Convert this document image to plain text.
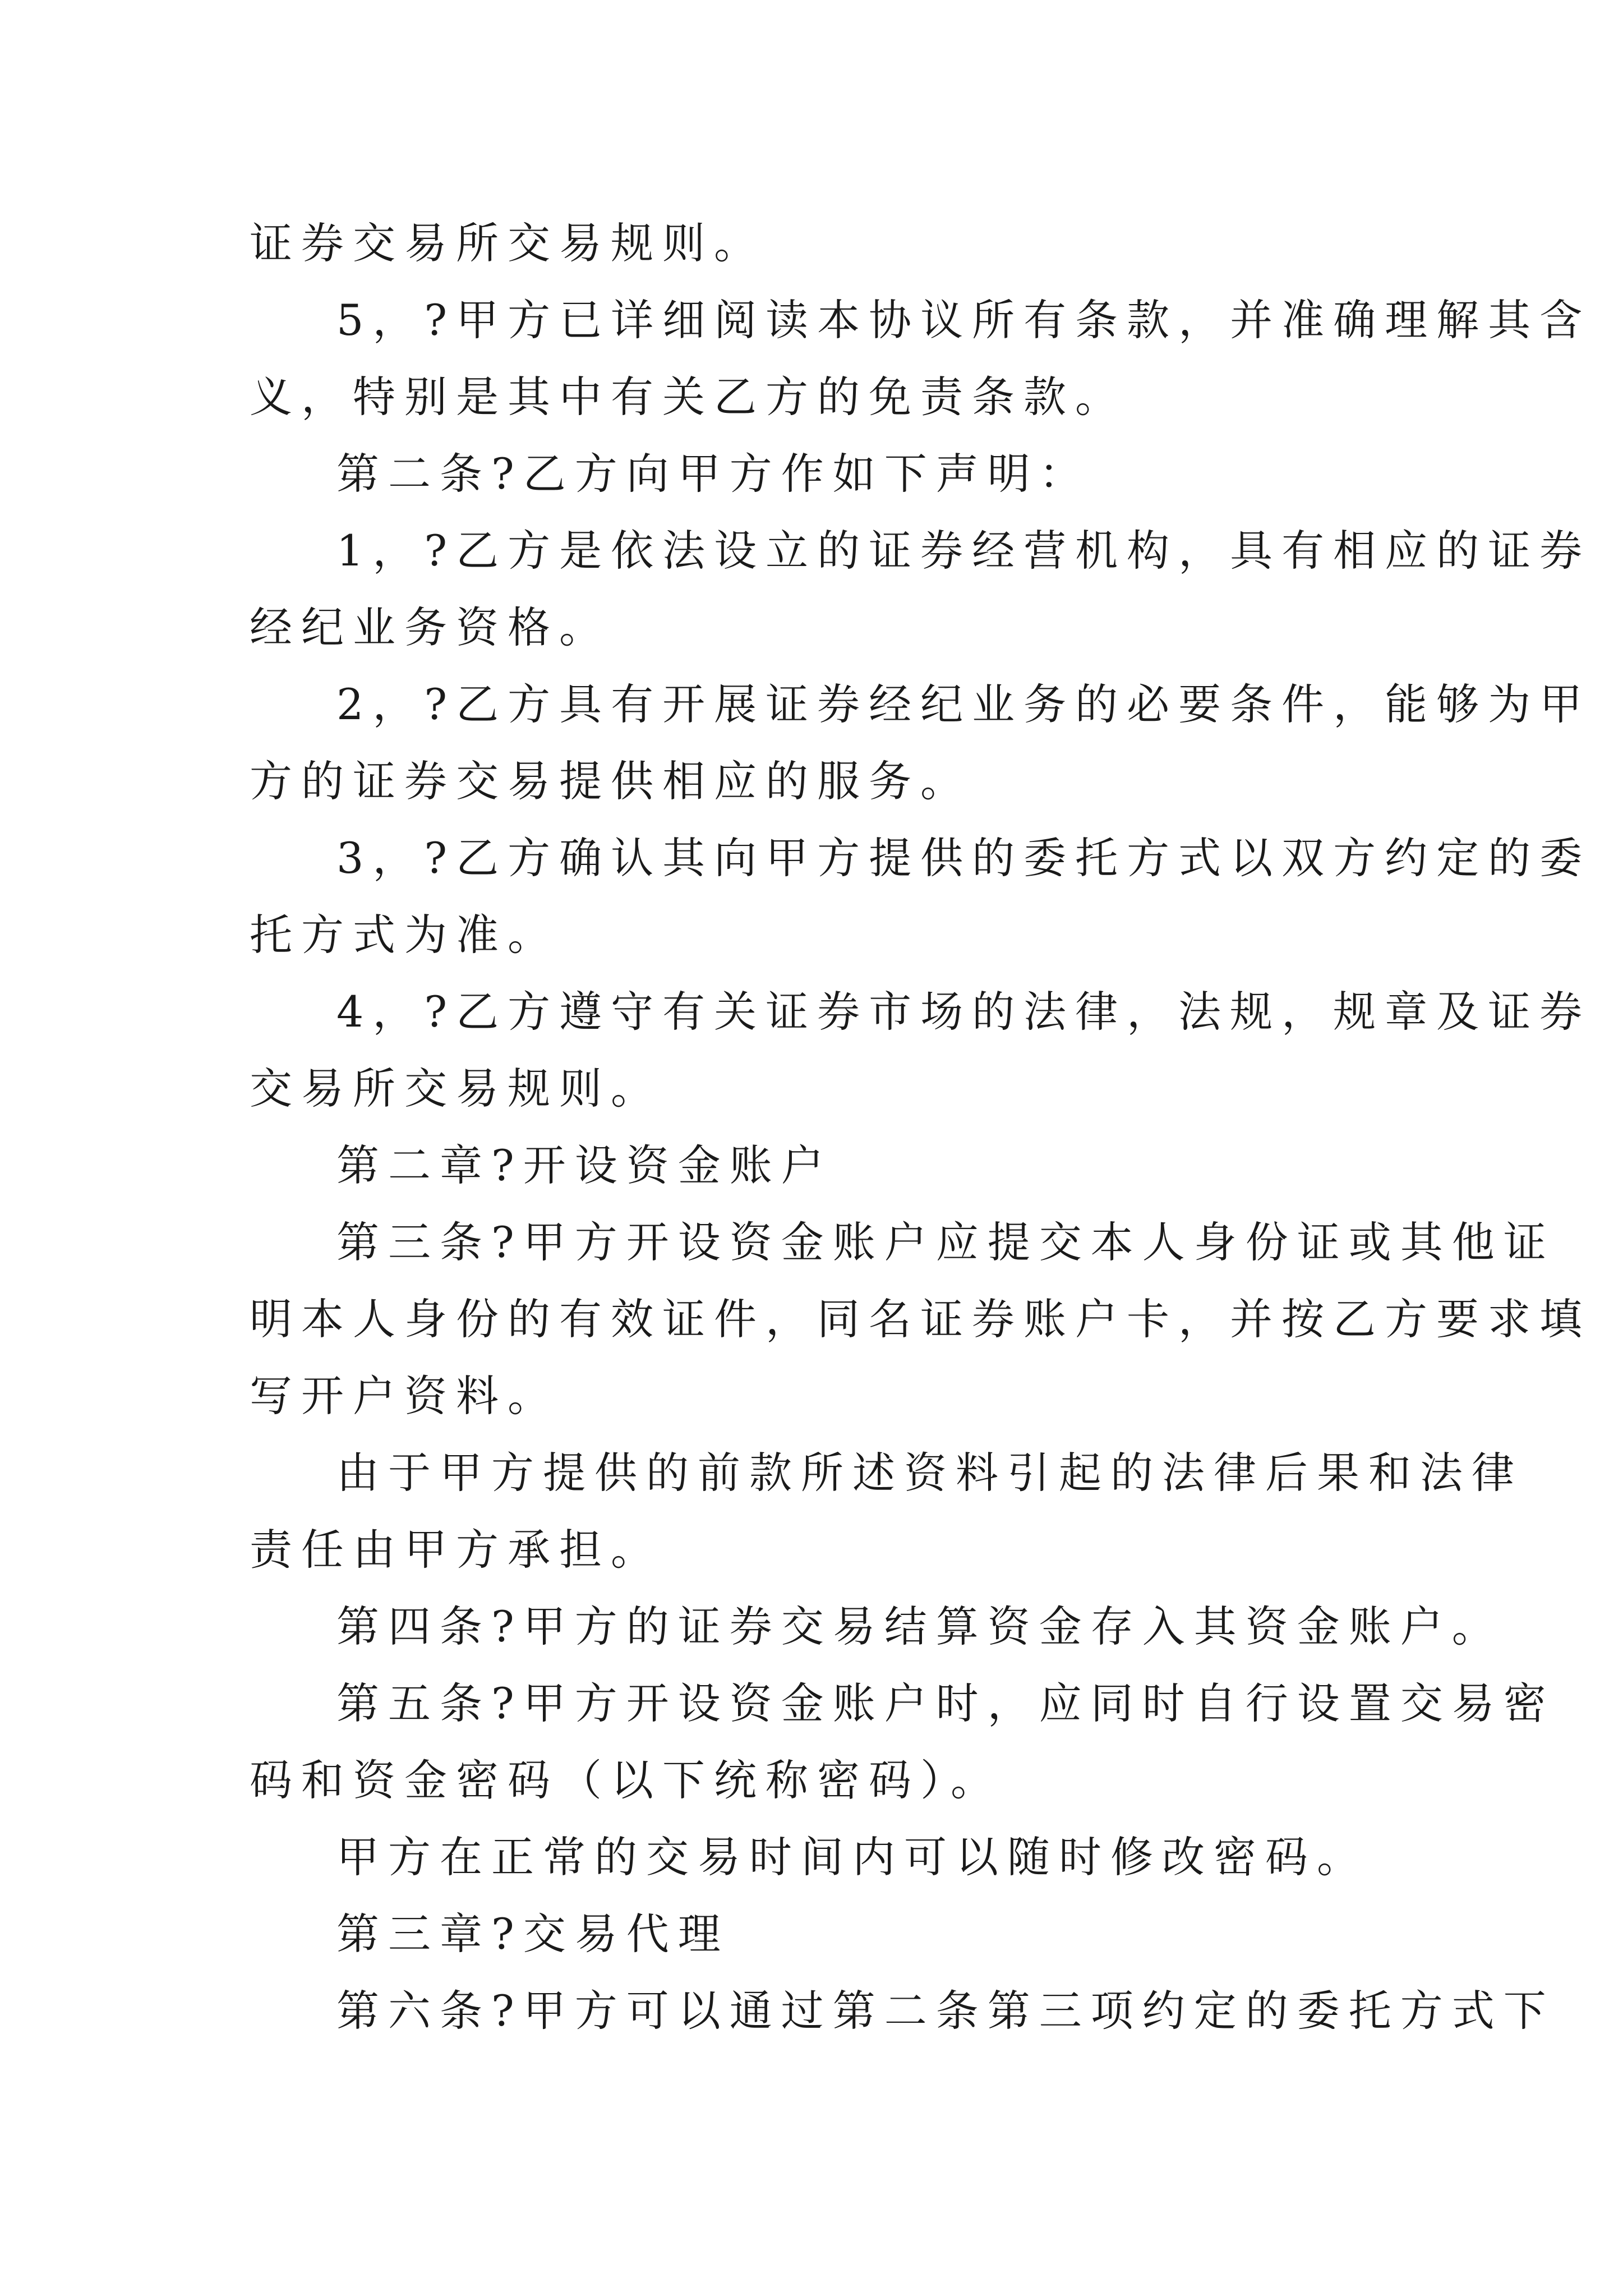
证券交易所交易规则。
5，?甲方已详细阅读本协议所有条款，并准确理解其含
义，特别是其中有关乙方的免责条款。
第二条?乙方向甲方作如下声明：
1，?乙方是依法设立的证券经营机构，具有相应的证券
经纪业务资格。
2，?乙方具有开展证券经纪业务的必要条件，能够为甲
方的证券交易提供相应的服务。
3，?乙方确认其向甲方提供的委托方式以双方约定的委
托方式为准。
4，?乙方遵守有关证券市场的法律，法规，规章及证券
交易所交易规则。
第二章?开设资金账户
第三条?甲方开设资金账户应提交本人身份证或其他证
明本人身份的有效证件，同名证券账户卡，并按乙方要求填
写开户资料。
由于甲方提供的前款所述资料引起的法律后果和法律
责任由甲方承担。
第四条?甲方的证券交易结算资金存入其资金账户。
第五条?甲方开设资金账户时，应同时自行设置交易密
码和资金密码（以下统称密码）。
甲方在正常的交易时间内可以随时修改密码。
第三章?交易代理
第六条?甲方可以通过第二条第三项约定的委托方式下
